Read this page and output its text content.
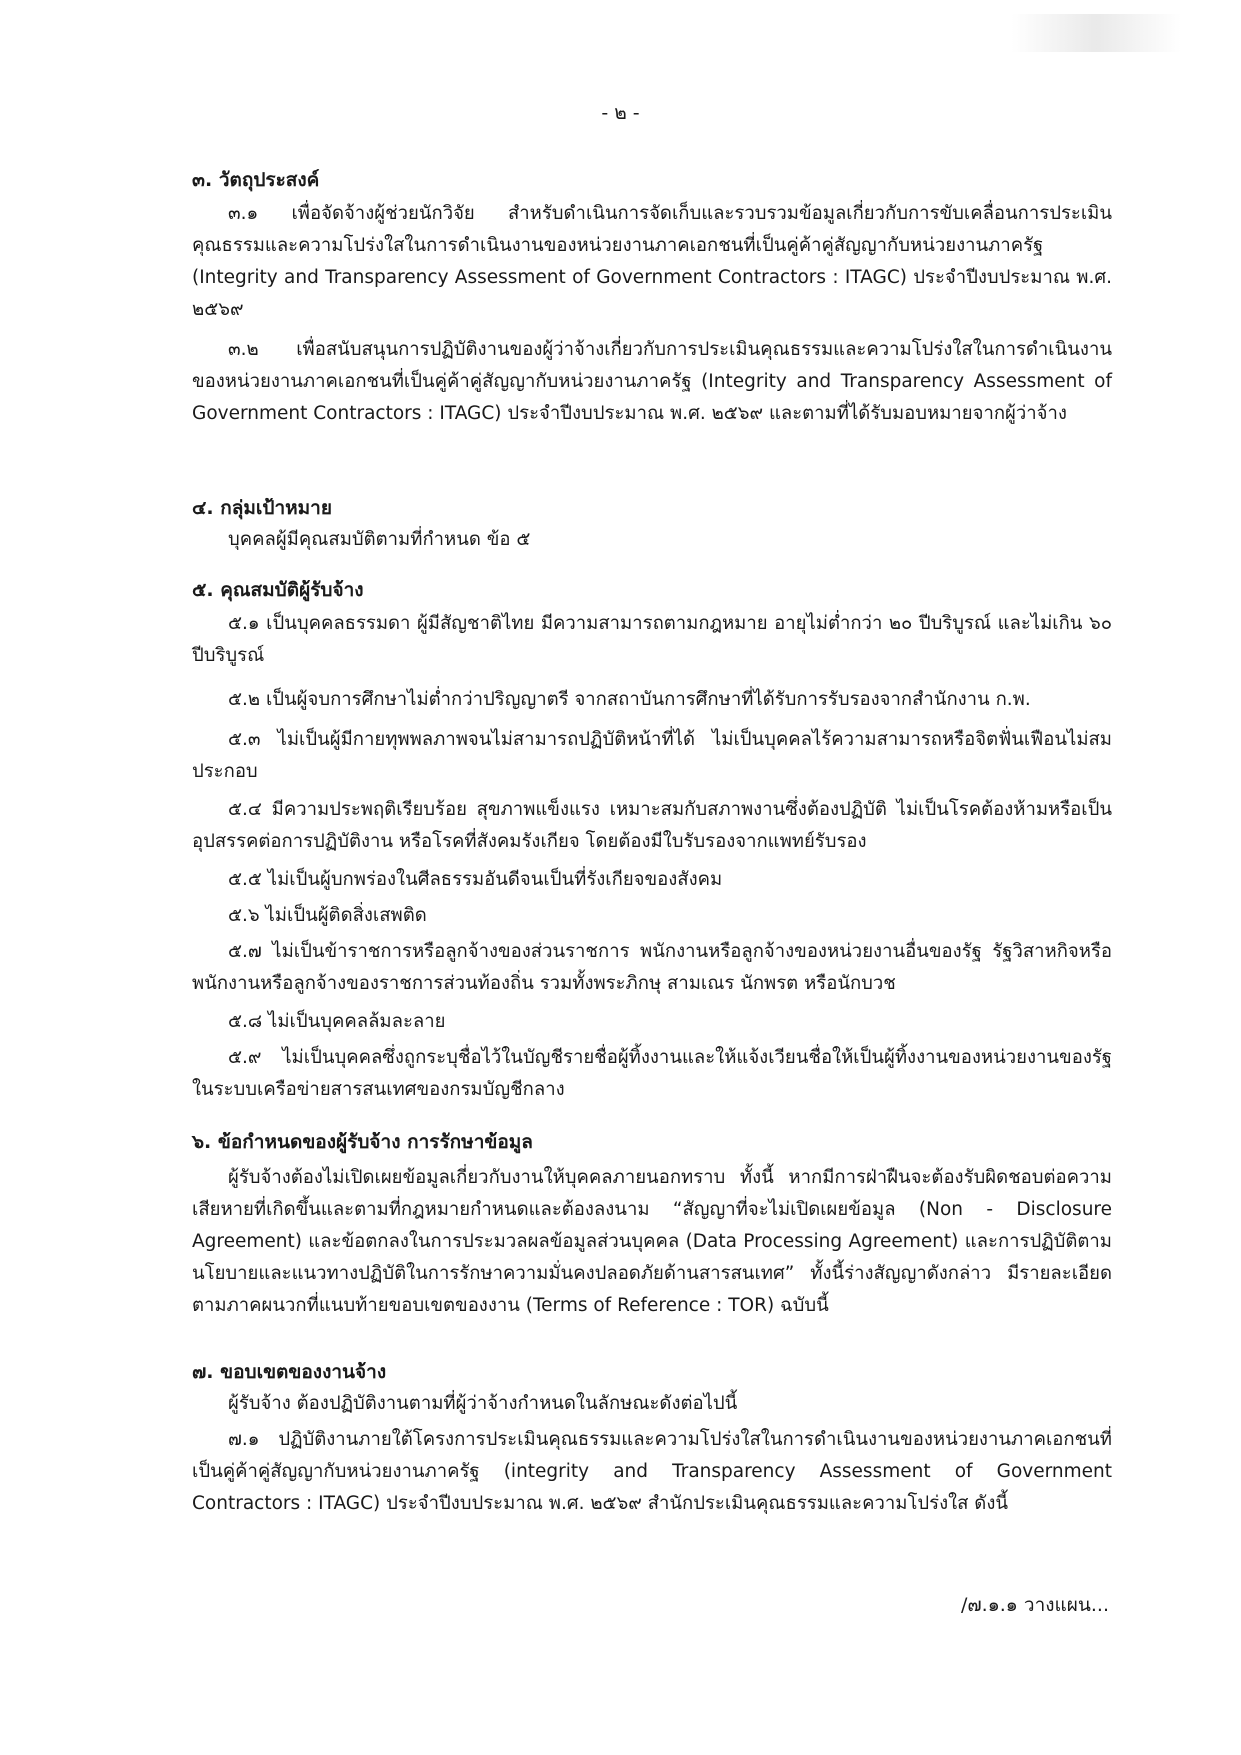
- ๒ -
๓. วัตถุประสงค์
๓.๑ เพื่อจัดจ้างผู้ช่วยนักวิจัย สำหรับดำเนินการจัดเก็บและรวบรวมข้อมูลเกี่ยวกับการขับเคลื่อนการประเมินคุณธรรมและความโปร่งใสในการดำเนินงานของหน่วยงานภาคเอกชนที่เป็นคู่ค้าคู่สัญญากับหน่วยงานภาครัฐ (Integrity and Transparency Assessment of Government Contractors : ITAGC) ประจำปีงบประมาณ พ.ศ. ๒๕๖๙
๓.๒ เพื่อสนับสนุนการปฏิบัติงานของผู้ว่าจ้างเกี่ยวกับการประเมินคุณธรรมและความโปร่งใสในการดำเนินงานของหน่วยงานภาคเอกชนที่เป็นคู่ค้าคู่สัญญากับหน่วยงานภาครัฐ (Integrity and Transparency Assessment of Government Contractors : ITAGC) ประจำปีงบประมาณ พ.ศ. ๒๕๖๙ และตามที่ได้รับมอบหมายจากผู้ว่าจ้าง
๔. กลุ่มเป้าหมาย
บุคคลผู้มีคุณสมบัติตามที่กำหนด ข้อ ๕
๕. คุณสมบัติผู้รับจ้าง
๕.๑ เป็นบุคคลธรรมดา ผู้มีสัญชาติไทย มีความสามารถตามกฎหมาย อายุไม่ต่ำกว่า ๒๐ ปีบริบูรณ์ และไม่เกิน ๖๐ ปีบริบูรณ์
๕.๒ เป็นผู้จบการศึกษาไม่ต่ำกว่าปริญญาตรี จากสถาบันการศึกษาที่ได้รับการรับรองจากสำนักงาน ก.พ.
๕.๓ ไม่เป็นผู้มีกายทุพพลภาพจนไม่สามารถปฏิบัติหน้าที่ได้ ไม่เป็นบุคคลไร้ความสามารถหรือจิตฟั่นเฟือนไม่สมประกอบ
๕.๔ มีความประพฤติเรียบร้อย สุขภาพแข็งแรง เหมาะสมกับสภาพงานซึ่งต้องปฏิบัติ ไม่เป็นโรคต้องห้ามหรือเป็นอุปสรรคต่อการปฏิบัติงาน หรือโรคที่สังคมรังเกียจ โดยต้องมีใบรับรองจากแพทย์รับรอง
๕.๕ ไม่เป็นผู้บกพร่องในศีลธรรมอันดีจนเป็นที่รังเกียจของสังคม
๕.๖ ไม่เป็นผู้ติดสิ่งเสพติด
๕.๗ ไม่เป็นข้าราชการหรือลูกจ้างของส่วนราชการ พนักงานหรือลูกจ้างของหน่วยงานอื่นของรัฐ รัฐวิสาหกิจหรือพนักงานหรือลูกจ้างของราชการส่วนท้องถิ่น รวมทั้งพระภิกษุ สามเณร นักพรต หรือนักบวช
๕.๘ ไม่เป็นบุคคลล้มละลาย
๕.๙ ไม่เป็นบุคคลซึ่งถูกระบุชื่อไว้ในบัญชีรายชื่อผู้ทิ้งงานและให้แจ้งเวียนชื่อให้เป็นผู้ทิ้งงานของหน่วยงานของรัฐในระบบเครือข่ายสารสนเทศของกรมบัญชีกลาง
๖. ข้อกำหนดของผู้รับจ้าง การรักษาข้อมูล
ผู้รับจ้างต้องไม่เปิดเผยข้อมูลเกี่ยวกับงานให้บุคคลภายนอกทราบ ทั้งนี้ หากมีการฝ่าฝืนจะต้องรับผิดชอบต่อความเสียหายที่เกิดขึ้นและตามที่กฎหมายกำหนดและต้องลงนาม “สัญญาที่จะไม่เปิดเผยข้อมูล (Non - Disclosure Agreement) และข้อตกลงในการประมวลผลข้อมูลส่วนบุคคล (Data Processing Agreement) และการปฏิบัติตามนโยบายและแนวทางปฏิบัติในการรักษาความมั่นคงปลอดภัยด้านสารสนเทศ” ทั้งนี้ร่างสัญญาดังกล่าว มีรายละเอียดตามภาคผนวกที่แนบท้ายขอบเขตของงาน (Terms of Reference : TOR) ฉบับนี้
๗. ขอบเขตของงานจ้าง
ผู้รับจ้าง ต้องปฏิบัติงานตามที่ผู้ว่าจ้างกำหนดในลักษณะดังต่อไปนี้
๗.๑ ปฏิบัติงานภายใต้โครงการประเมินคุณธรรมและความโปร่งใสในการดำเนินงานของหน่วยงานภาคเอกชนที่เป็นคู่ค้าคู่สัญญากับหน่วยงานภาครัฐ (integrity and Transparency Assessment of Government Contractors : ITAGC) ประจำปีงบประมาณ พ.ศ. ๒๕๖๙ สำนักประเมินคุณธรรมและความโปร่งใส ดังนี้
/๗.๑.๑ วางแผน...
